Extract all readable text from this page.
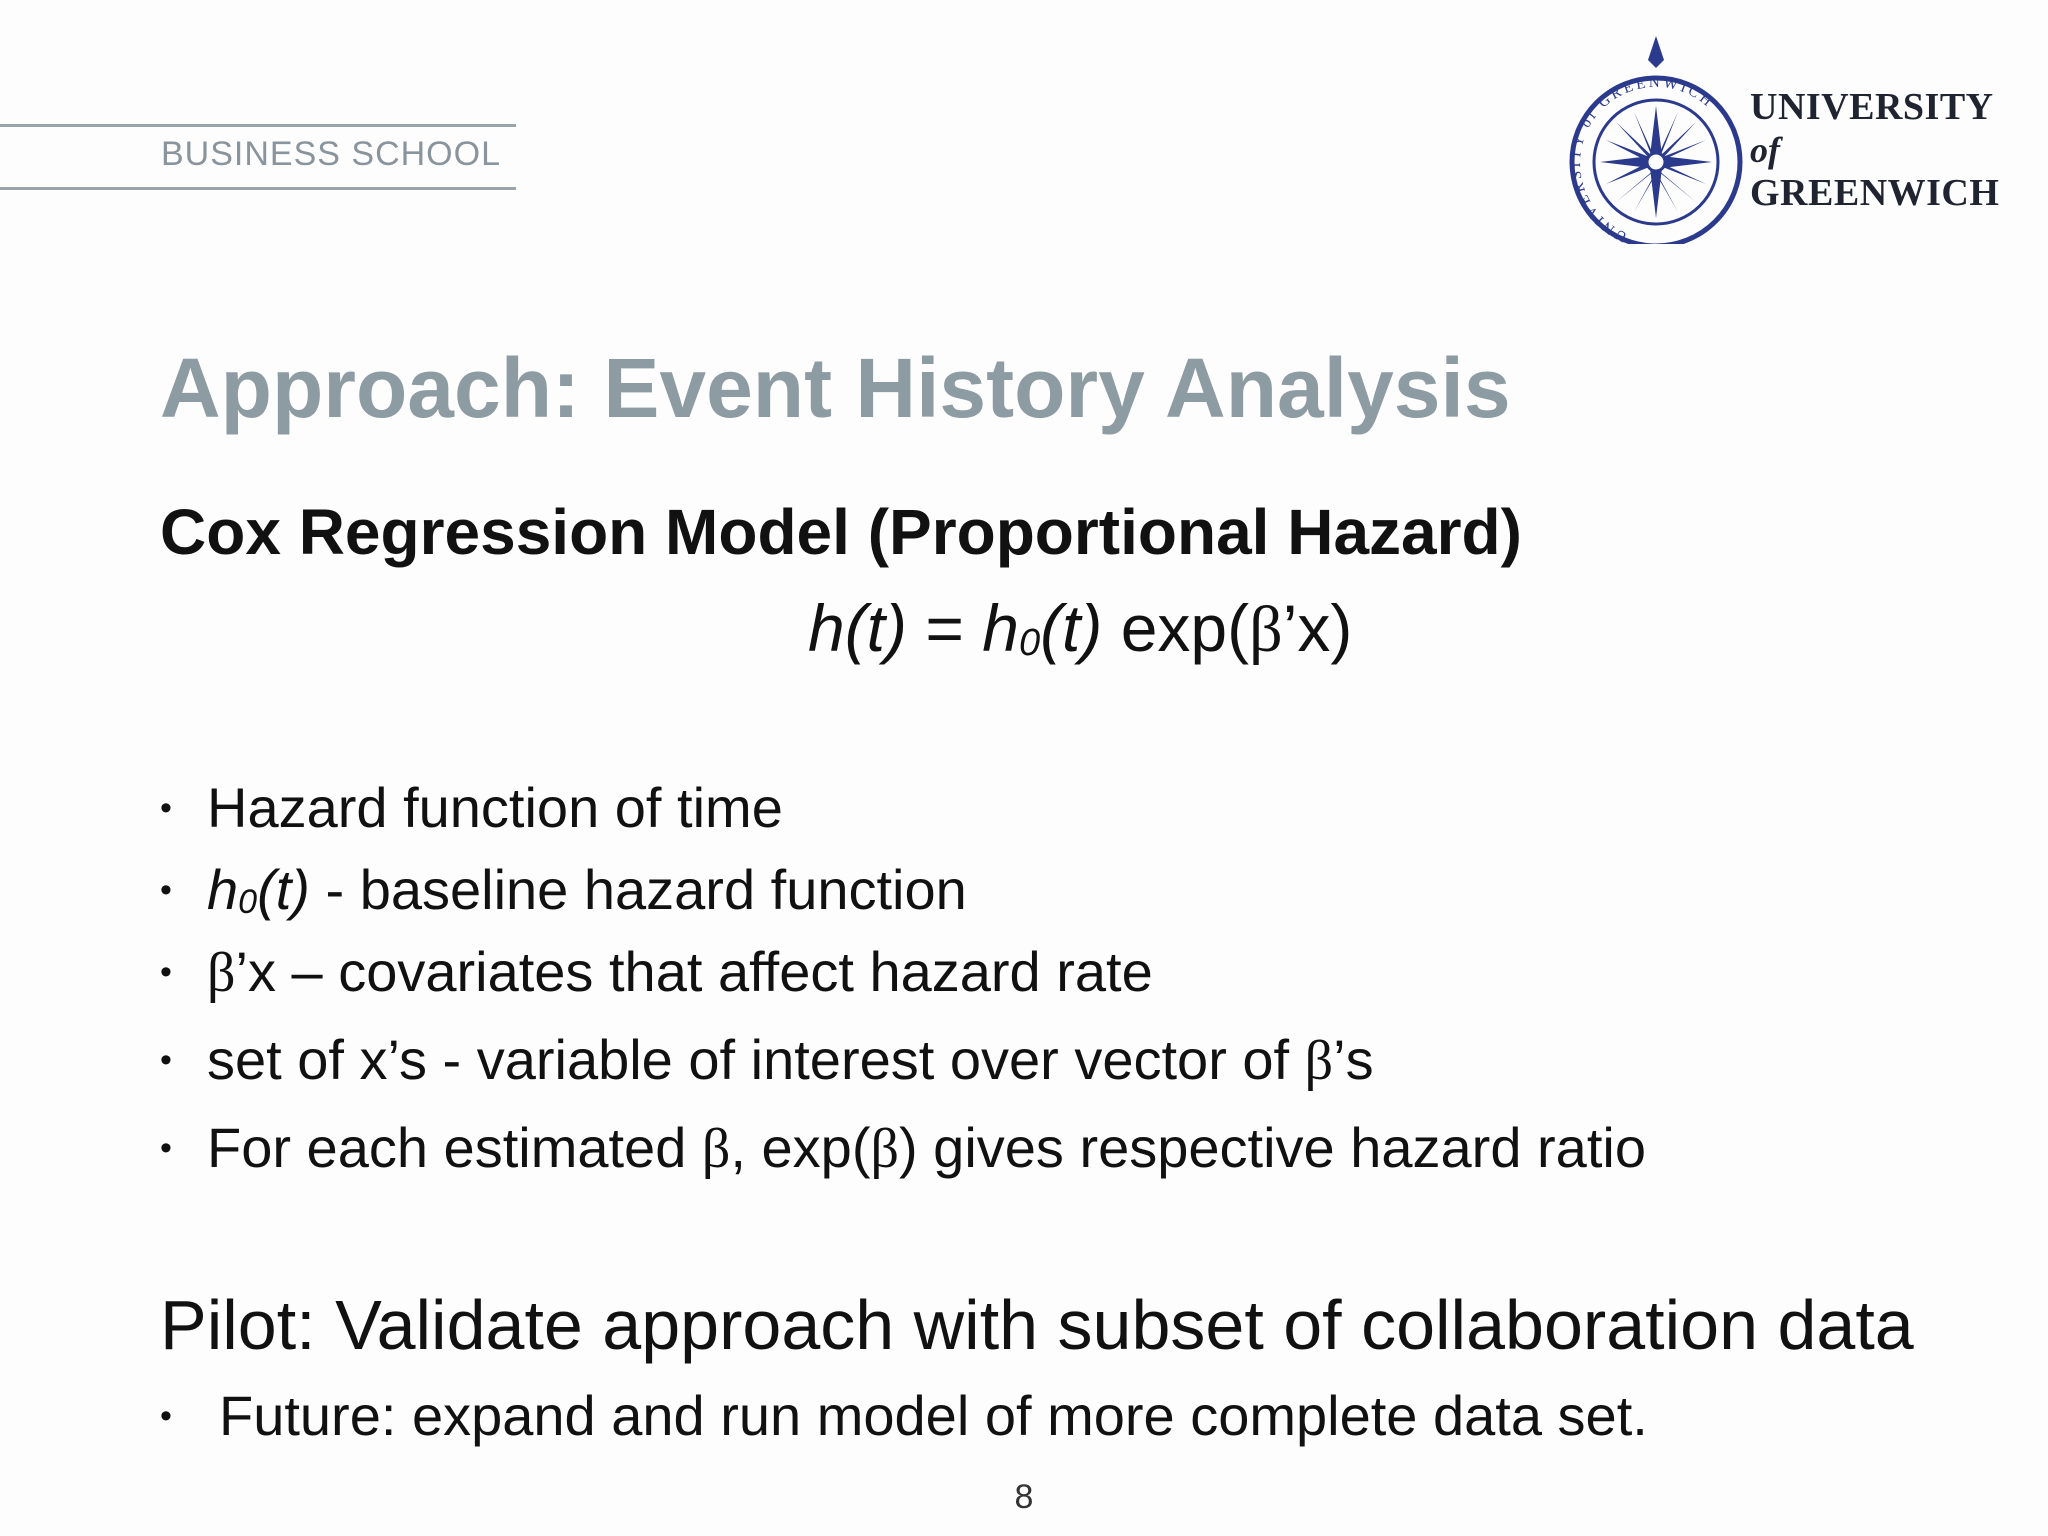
BUSINESS SCHOOL
UNIVERSITY of GREENWICH UNIVERSITY
of
GREENWICH
Approach: Event History Analysis
Cox Regression Model (Proportional Hazard)
$h(t) = h_0(t)$ exp(β’x)
• Hazard function of time
• $h_0(t)$ - baseline hazard function
• β’x – covariates that affect hazard rate
• set of x’s - variable of interest over vector of β’s
• For each estimated β, exp(β) gives respective hazard ratio
Pilot: Validate approach with subset of collaboration data
• Future: expand and run model of more complete data set.
8
